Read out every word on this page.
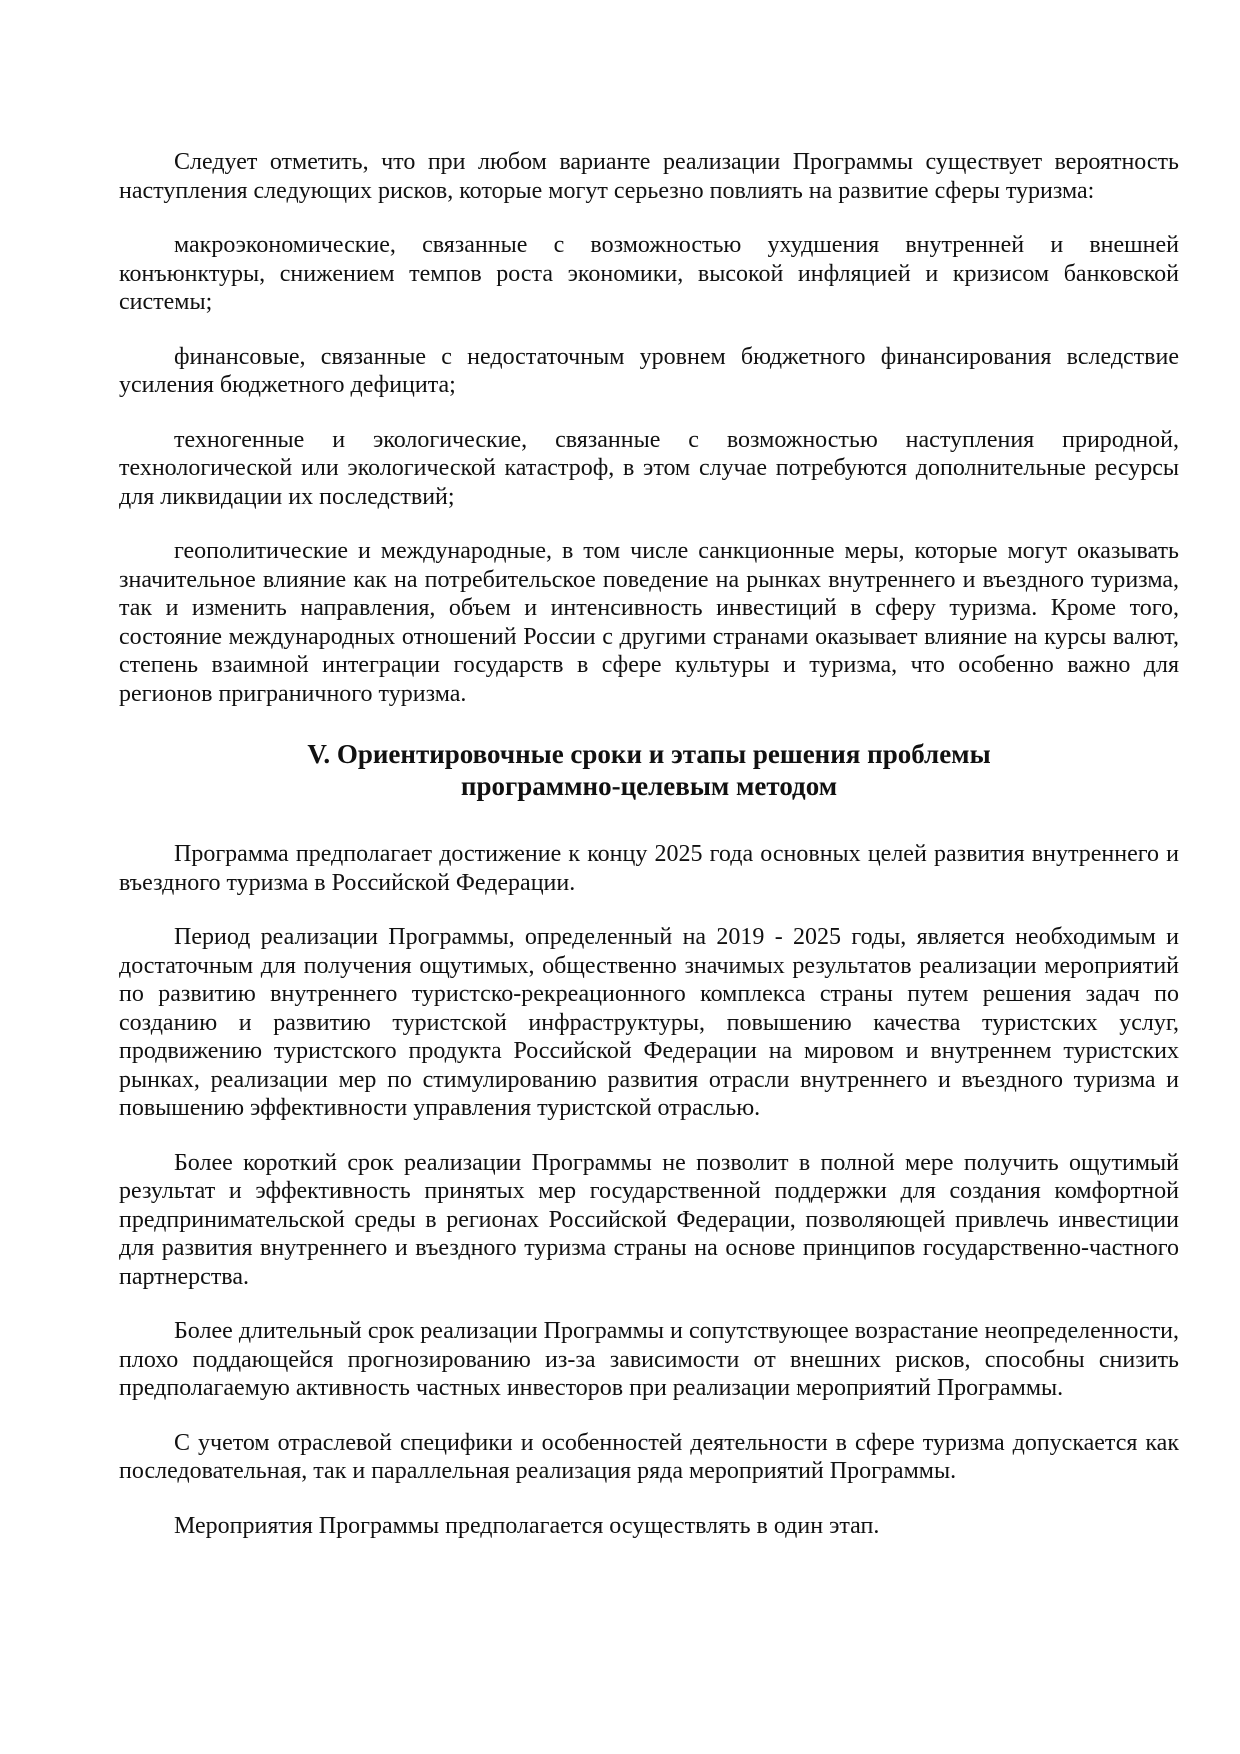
Следует отметить, что при любом варианте реализации Программы существует вероятность наступления следующих рисков, которые могут серьезно повлиять на развитие сферы туризма:

макроэкономические, связанные с возможностью ухудшения внутренней и внешней конъюнктуры, снижением темпов роста экономики, высокой инфляцией и кризисом банковской системы;

финансовые, связанные с недостаточным уровнем бюджетного финансирования вследствие усиления бюджетного дефицита;

техногенные и экологические, связанные с возможностью наступления природной, технологической или экологической катастроф, в этом случае потребуются дополнительные ресурсы для ликвидации их последствий;

геополитические и международные, в том числе санкционные меры, которые могут оказывать значительное влияние как на потребительское поведение на рынках внутреннего и въездного туризма, так и изменить направления, объем и интенсивность инвестиций в сферу туризма. Кроме того, состояние международных отношений России с другими странами оказывает влияние на курсы валют, степень взаимной интеграции государств в сфере культуры и туризма, что особенно важно для регионов приграничного туризма.

V. Ориентировочные сроки и этапы решения проблемы
программно-целевым методом

Программа предполагает достижение к концу 2025 года основных целей развития внутреннего и въездного туризма в Российской Федерации.

Период реализации Программы, определенный на 2019 - 2025 годы, является необходимым и достаточным для получения ощутимых, общественно значимых результатов реализации мероприятий по развитию внутреннего туристско-рекреационного комплекса страны путем решения задач по созданию и развитию туристской инфраструктуры, повышению качества туристских услуг, продвижению туристского продукта Российской Федерации на мировом и внутреннем туристских рынках, реализации мер по стимулированию развития отрасли внутреннего и въездного туризма и повышению эффективности управления туристской отраслью.

Более короткий срок реализации Программы не позволит в полной мере получить ощутимый результат и эффективность принятых мер государственной поддержки для создания комфортной предпринимательской среды в регионах Российской Федерации, позволяющей привлечь инвестиции для развития внутреннего и въездного туризма страны на основе принципов государственно-частного партнерства.

Более длительный срок реализации Программы и сопутствующее возрастание неопределенности, плохо поддающейся прогнозированию из-за зависимости от внешних рисков, способны снизить предполагаемую активность частных инвесторов при реализации мероприятий Программы.

С учетом отраслевой специфики и особенностей деятельности в сфере туризма допускается как последовательная, так и параллельная реализация ряда мероприятий Программы.

Мероприятия Программы предполагается осуществлять в один этап.
